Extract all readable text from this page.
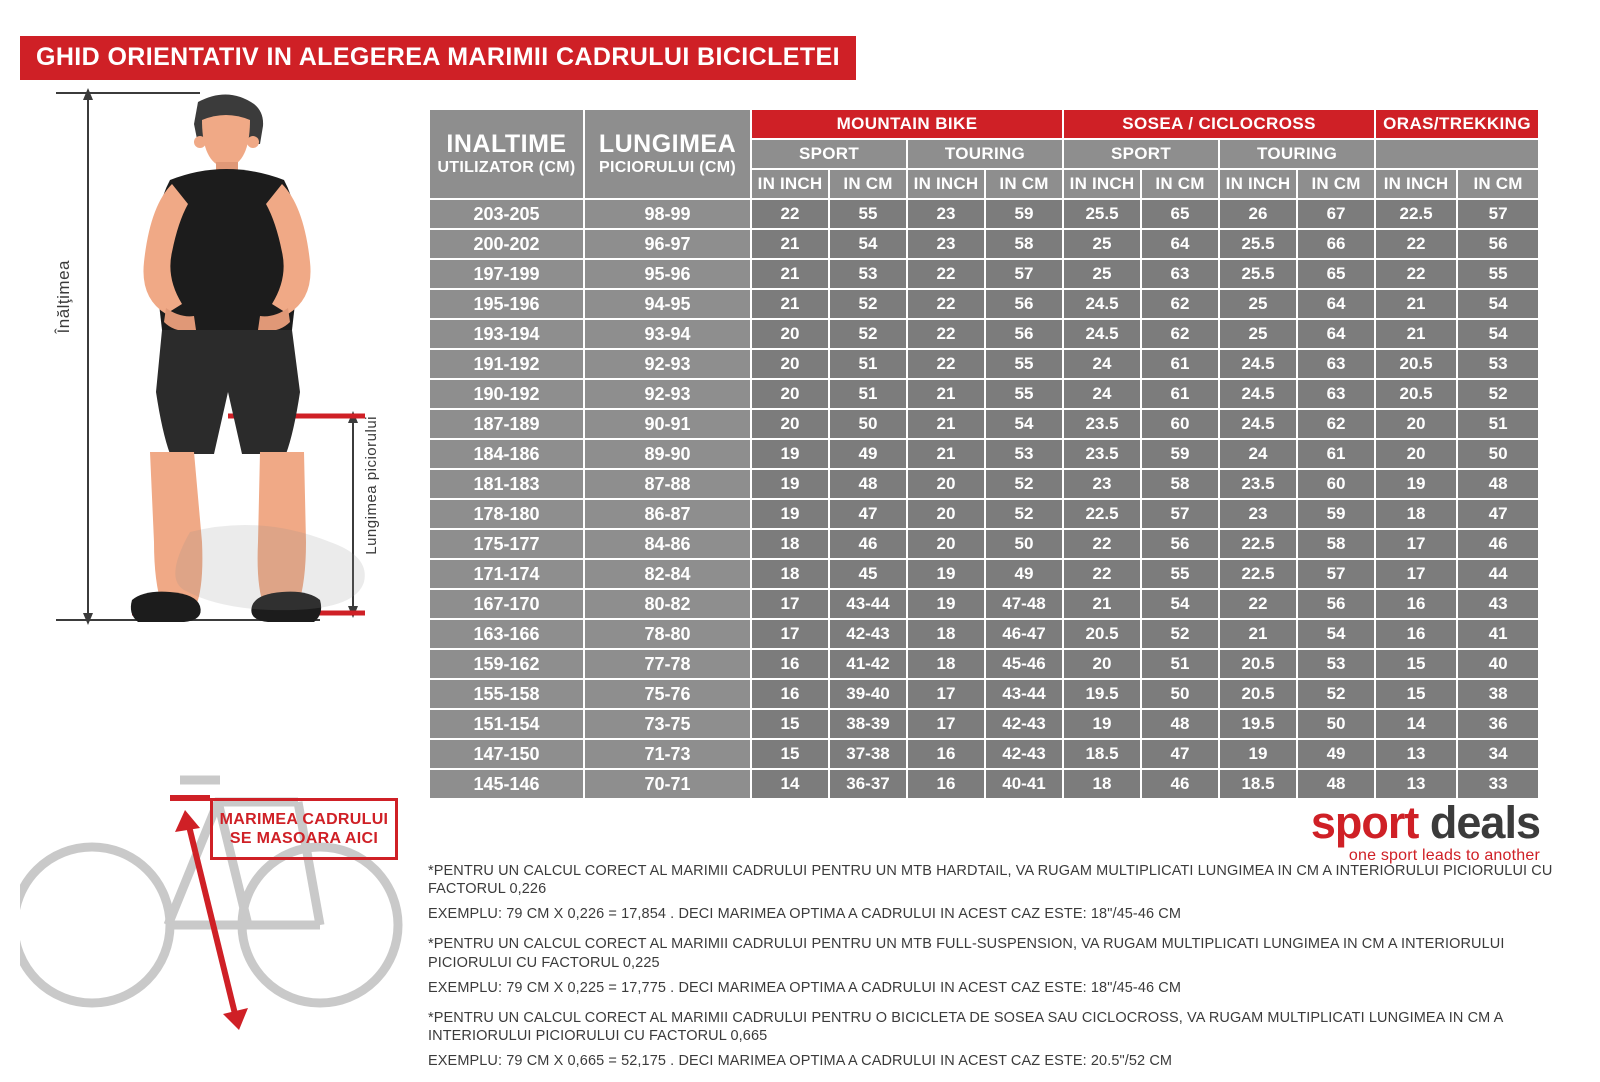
GHID ORIENTATIV IN ALEGEREA MARIMII CADRULUI BICICLETEI
Înălţimea
Lungimea piciorului
MARIMEA CADRULUI
SE MASOARA AICI
INALTIME
UTILIZATOR (CM)	LUNGIMEA
PICIORULUI (CM)	MOUNTAIN BIKE				SOSEA / CICLOCROSS				ORAS/TREKKING	
		SPORT		TOURING		SPORT		TOURING			
		IN INCH	IN CM	IN INCH	IN CM	IN INCH	IN CM	IN INCH	IN CM	IN INCH	IN CM
203-205	98-99	22	55	23	59	25.5	65	26	67	22.5	57
200-202	96-97	21	54	23	58	25	64	25.5	66	22	56
197-199	95-96	21	53	22	57	25	63	25.5	65	22	55
195-196	94-95	21	52	22	56	24.5	62	25	64	21	54
193-194	93-94	20	52	22	56	24.5	62	25	64	21	54
191-192	92-93	20	51	22	55	24	61	24.5	63	20.5	53
190-192	92-93	20	51	21	55	24	61	24.5	63	20.5	52
187-189	90-91	20	50	21	54	23.5	60	24.5	62	20	51
184-186	89-90	19	49	21	53	23.5	59	24	61	20	50
181-183	87-88	19	48	20	52	23	58	23.5	60	19	48
178-180	86-87	19	47	20	52	22.5	57	23	59	18	47
175-177	84-86	18	46	20	50	22	56	22.5	58	17	46
171-174	82-84	18	45	19	49	22	55	22.5	57	17	44
167-170	80-82	17	43-44	19	47-48	21	54	22	56	16	43
163-166	78-80	17	42-43	18	46-47	20.5	52	21	54	16	41
159-162	77-78	16	41-42	18	45-46	20	51	20.5	53	15	40
155-158	75-76	16	39-40	17	43-44	19.5	50	20.5	52	15	38
151-154	73-75	15	38-39	17	42-43	19	48	19.5	50	14	36
147-150	71-73	15	37-38	16	42-43	18.5	47	19	49	13	34
145-146	70-71	14	36-37	16	40-41	18	46	18.5	48	13	33
sport deals
one sport leads to another
*PENTRU UN CALCUL CORECT AL MARIMII CADRULUI PENTRU UN MTB HARDTAIL, VA RUGAM MULTIPLICATI LUNGIMEA IN CM A INTERIORULUI PICIORULUI CU FACTORUL 0,226
EXEMPLU: 79 CM X 0,226 = 17,854 . DECI MARIMEA OPTIMA A CADRULUI IN ACEST CAZ ESTE: 18"/45-46 CM
*PENTRU UN CALCUL CORECT AL MARIMII CADRULUI PENTRU UN MTB FULL-SUSPENSION, VA RUGAM MULTIPLICATI LUNGIMEA IN CM A INTERIORULUI PICIORULUI CU FACTORUL 0,225
EXEMPLU: 79 CM X 0,225 = 17,775 . DECI MARIMEA OPTIMA A CADRULUI IN ACEST CAZ ESTE: 18"/45-46 CM
*PENTRU UN CALCUL CORECT AL MARIMII CADRULUI PENTRU O BICICLETA DE SOSEA SAU CICLOCROSS, VA RUGAM MULTIPLICATI LUNGIMEA IN CM A INTERIORULUI PICIORULUI CU FACTORUL 0,665
EXEMPLU: 79 CM X 0,665 = 52,175 . DECI MARIMEA OPTIMA A CADRULUI IN ACEST CAZ ESTE: 20.5"/52 CM
